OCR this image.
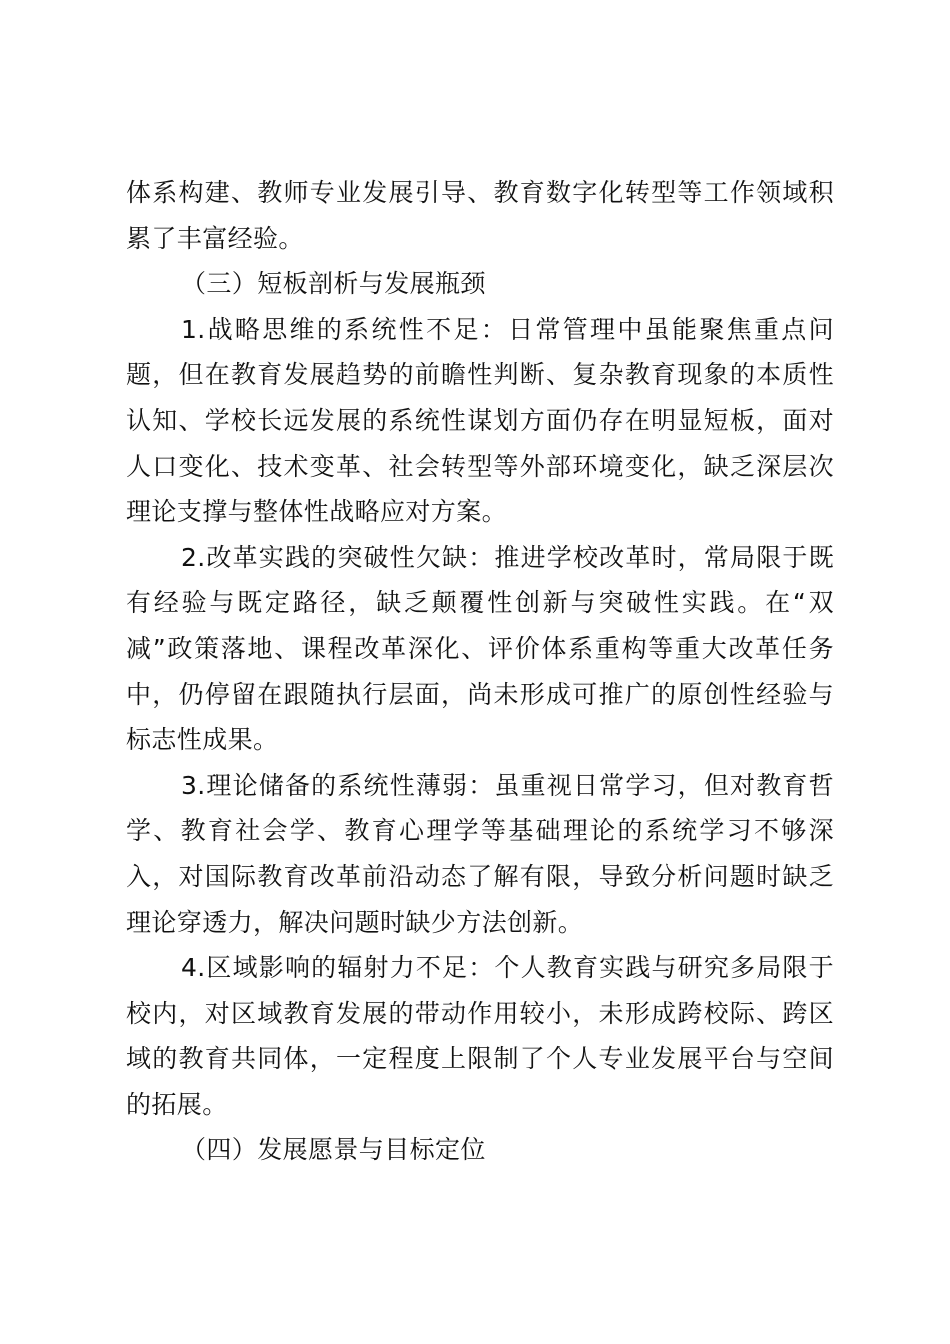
体系构建、教师专业发展引导、教育数字化转型等工作领域积累了丰富经验。

（三）短板剖析与发展瓶颈

1.战略思维的系统性不足：日常管理中虽能聚焦重点问题，但在教育发展趋势的前瞻性判断、复杂教育现象的本质性认知、学校长远发展的系统性谋划方面仍存在明显短板，面对人口变化、技术变革、社会转型等外部环境变化，缺乏深层次理论支撑与整体性战略应对方案。

2.改革实践的突破性欠缺：推进学校改革时，常局限于既有经验与既定路径，缺乏颠覆性创新与突破性实践。在“双减”政策落地、课程改革深化、评价体系重构等重大改革任务中，仍停留在跟随执行层面，尚未形成可推广的原创性经验与标志性成果。

3.理论储备的系统性薄弱：虽重视日常学习，但对教育哲学、教育社会学、教育心理学等基础理论的系统学习不够深入，对国际教育改革前沿动态了解有限，导致分析问题时缺乏理论穿透力，解决问题时缺少方法创新。

4.区域影响的辐射力不足：个人教育实践与研究多局限于校内，对区域教育发展的带动作用较小，未形成跨校际、跨区域的教育共同体，一定程度上限制了个人专业发展平台与空间的拓展。

（四）发展愿景与目标定位
